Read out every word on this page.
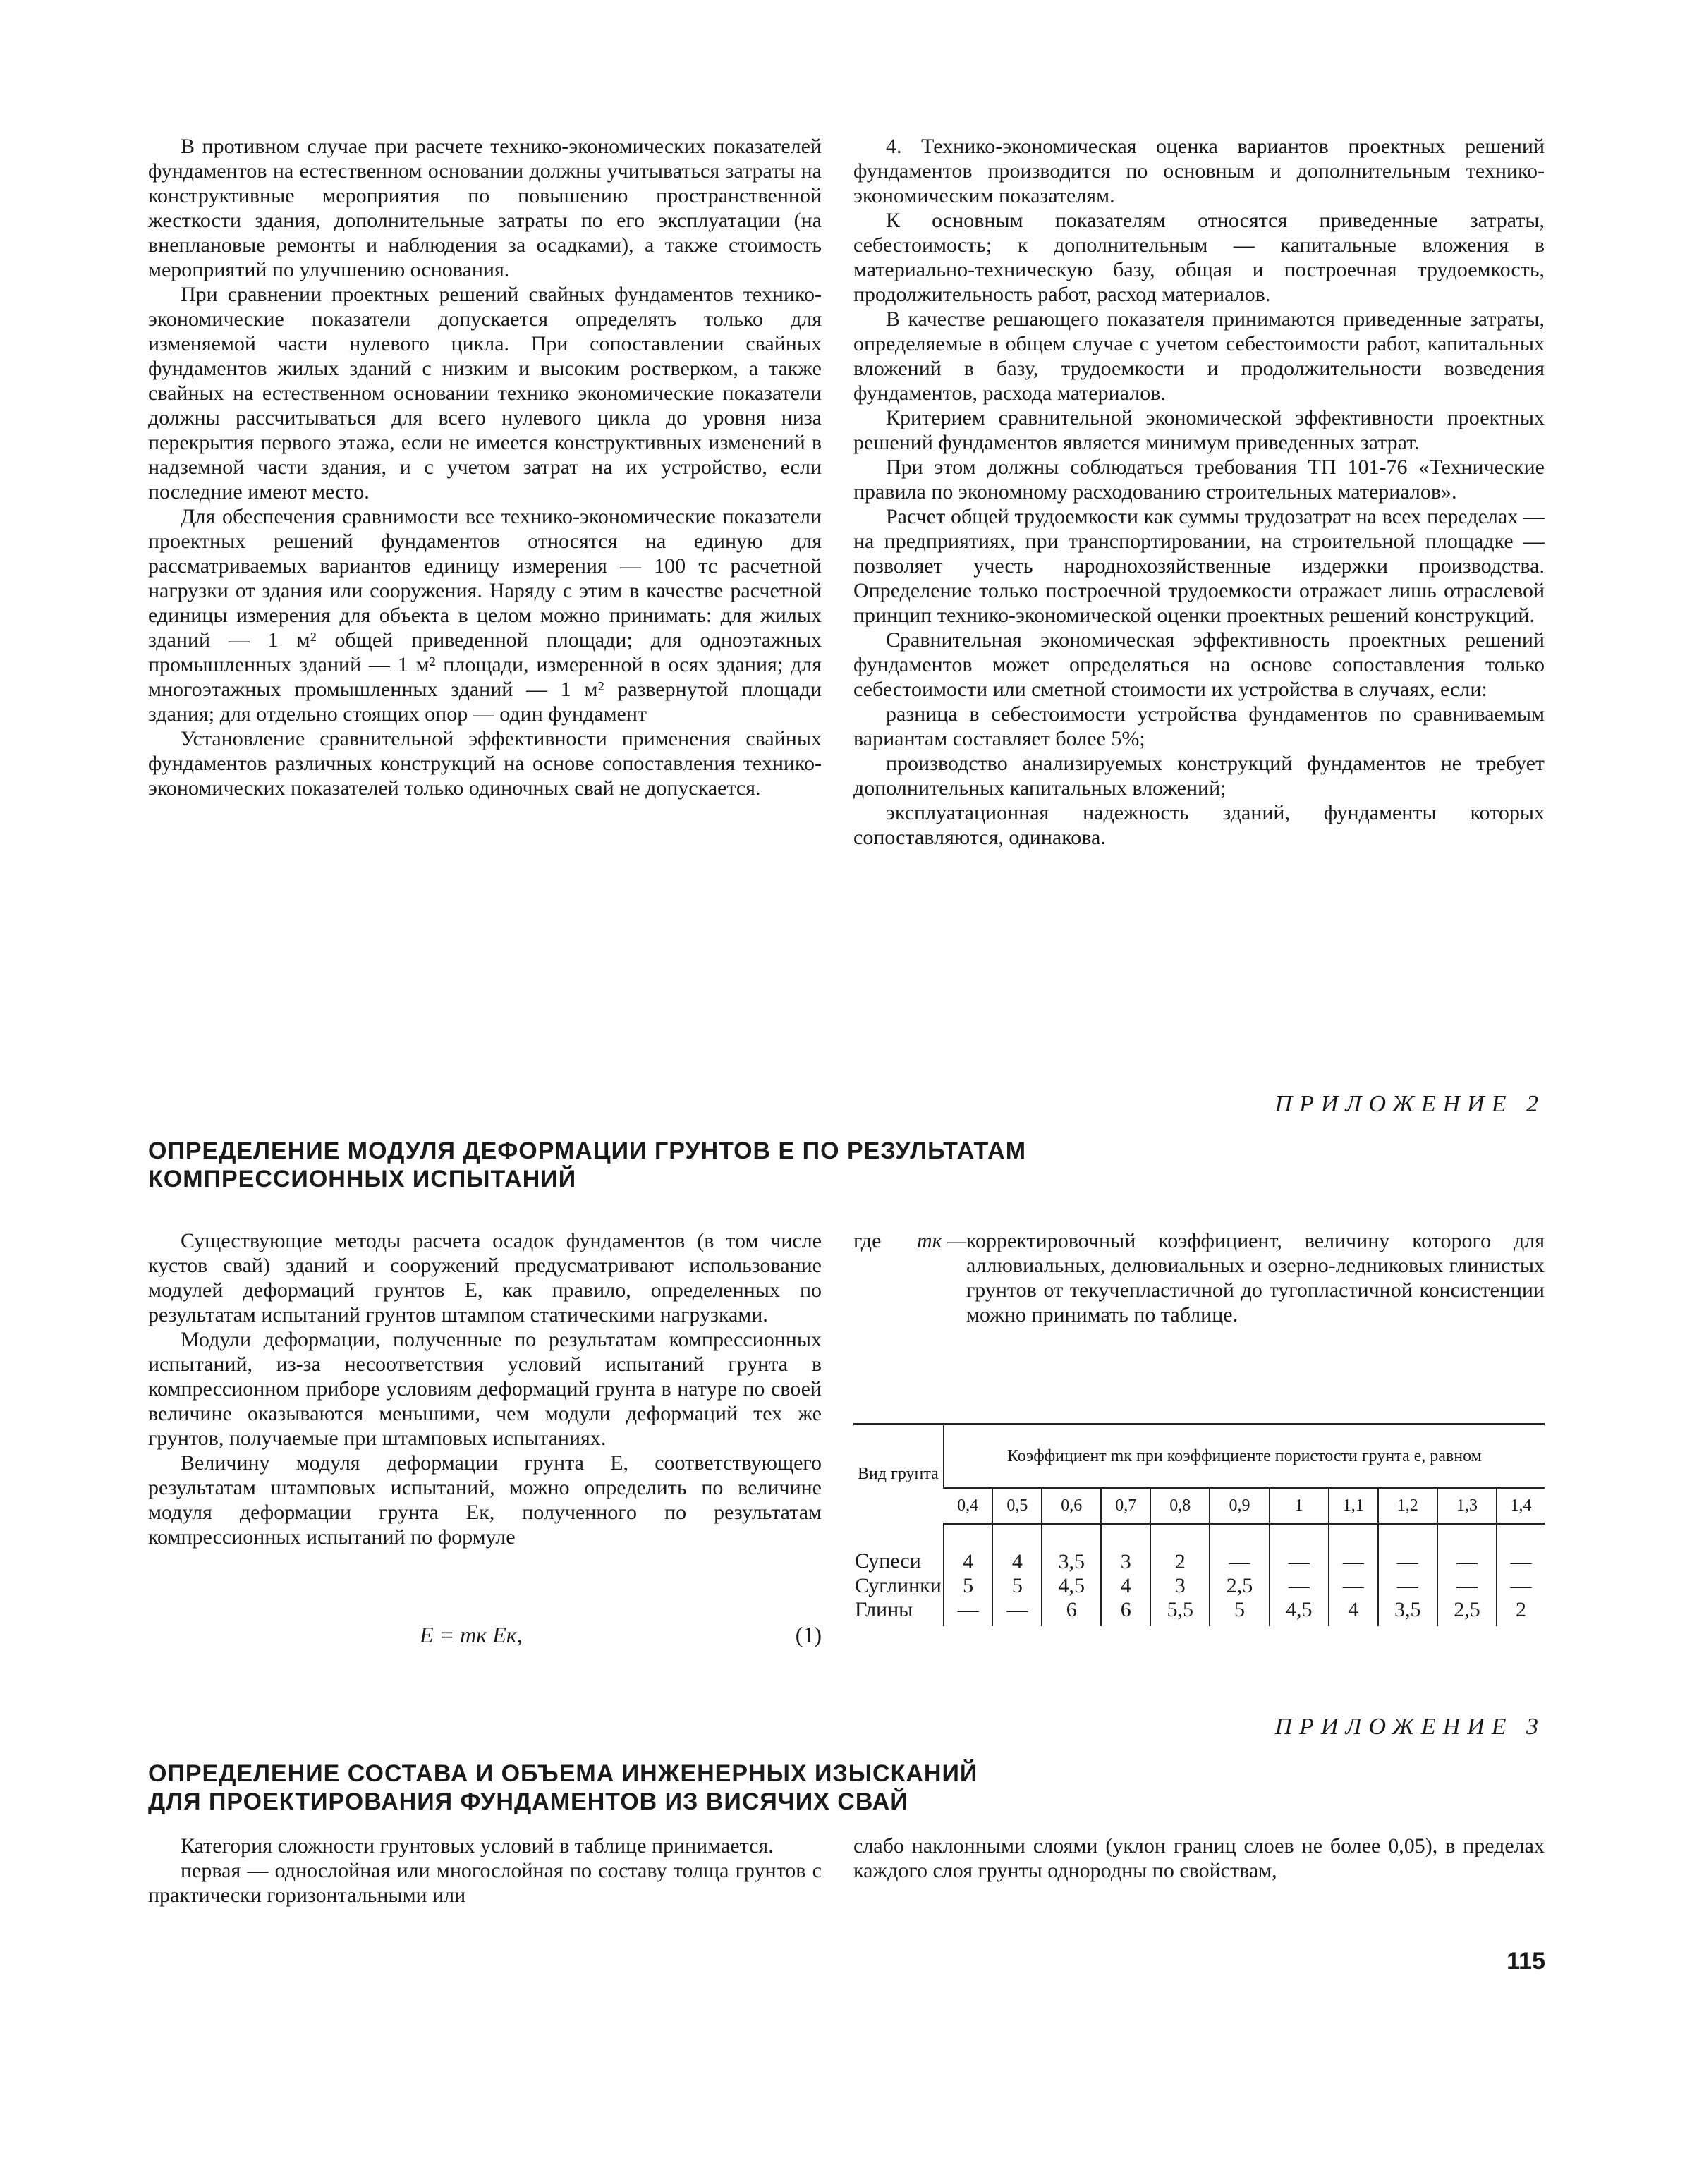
В противном случае при расчете технико-экономических показателей фундаментов на естественном основании должны учитываться затраты на конструктивные мероприятия по повышению пространственной жесткости здания, дополнительные затраты по его эксплуатации (на внеплановые ремонты и наблюдения за осадками), а также стоимость мероприятий по улучшению основания.

При сравнении проектных решений свайных фундаментов технико-экономические показатели допускается определять только для изменяемой части нулевого цикла. При сопоставлении свайных фундаментов жилых зданий с низким и высоким ростверком, а также свайных на естественном основании технико экономические показатели должны рассчитываться для всего нулевого цикла до уровня низа перекрытия первого этажа, если не имеется конструктивных изменений в надземной части здания, и с учетом затрат на их устройство, если последние имеют место.

Для обеспечения сравнимости все технико-экономические показатели проектных решений фундаментов относятся на единую для рассматриваемых вариантов единицу измерения — 100 тс расчетной нагрузки от здания или сооружения. Наряду с этим в качестве расчетной единицы измерения для объекта в целом можно принимать: для жилых зданий — 1 м² общей приведенной площади; для одноэтажных промышленных зданий — 1 м² площади, измеренной в осях здания; для многоэтажных промышленных зданий — 1 м² развернутой площади здания; для отдельно стоящих опор — один фундамент

Установление сравнительной эффективности применения свайных фундаментов различных конструкций на основе сопоставления технико-экономических показателей только одиночных свай не допускается.

4. Технико-экономическая оценка вариантов проектных решений фундаментов производится по основным и дополнительным технико-экономическим показателям.

К основным показателям относятся приведенные затраты, себестоимость; к дополнительным — капитальные вложения в материально-техническую базу, общая и построечная трудоемкость, продолжительность работ, расход материалов.

В качестве решающего показателя принимаются приведенные затраты, определяемые в общем случае с учетом себестоимости работ, капитальных вложений в базу, трудоемкости и продолжительности возведения фундаментов, расхода материалов.

Критерием сравнительной экономической эффективности проектных решений фундаментов является минимум приведенных затрат.

При этом должны соблюдаться требования ТП 101-76 «Технические правила по экономному расходованию строительных материалов».

Расчет общей трудоемкости как суммы трудозатрат на всех переделах — на предприятиях, при транспортировании, на строительной площадке — позволяет учесть народнохозяйственные издержки производства. Определение только построечной трудоемкости отражает лишь отраслевой принцип технико-экономической оценки проектных решений конструкций.

Сравнительная экономическая эффективность проектных решений фундаментов может определяться на основе сопоставления только себестоимости или сметной стоимости их устройства в случаях, если:

разница в себестоимости устройства фундаментов по сравниваемым вариантам составляет более 5%;

производство анализируемых конструкций фундаментов не требует дополнительных капитальных вложений;

эксплуатационная надежность зданий, фундаменты которых сопоставляются, одинакова.

ПРИЛОЖЕНИЕ 2
ОПРЕДЕЛЕНИЕ МОДУЛЯ ДЕФОРМАЦИИ ГРУНТОВ E ПО РЕЗУЛЬТАТАМ
КОМПРЕССИОННЫХ ИСПЫТАНИЙ

Существующие методы расчета осадок фундаментов (в том числе кустов свай) зданий и сооружений предусматривают использование модулей деформаций грунтов E, как правило, определенных по результатам испытаний грунтов штампом статическими нагрузками.

Модули деформации, полученные по результатам компрессионных испытаний, из-за несоответствия условий испытаний грунта в компрессионном приборе условиям деформаций грунта в натуре по своей величине оказываются меньшими, чем модули деформаций тех же грунтов, получаемые при штамповых испытаниях.

Величину модуля деформации грунта E, соответствующего результатам штамповых испытаний, можно определить по величине модуля деформации грунта Eк, полученного по результатам компрессионных испытаний по формуле

E = mк Eк,	(1)
где mк — корректировочный коэффициент, величину которого для аллювиальных, делювиальных и озерно-ледниковых глинистых грунтов от текучепластичной до тугопластичной консистенции можно принимать по таблице.
Вид грунта	Коэффициент mк при коэффициенте пористости грунта e, равном										
	0,4	0,5	0,6	0,7	0,8	0,9	1	1,1	1,2	1,3	1,4
Супеси	4	4	3,5	3	2	—	—	—	—	—	—
Суглинки	5	5	4,5	4	3	2,5	—	—	—	—	—
Глины	—	—	6	6	5,5	5	4,5	4	3,5	2,5	2
ПРИЛОЖЕНИЕ 3
ОПРЕДЕЛЕНИЕ СОСТАВА И ОБЪЕМА ИНЖЕНЕРНЫХ ИЗЫСКАНИЙ
ДЛЯ ПРОЕКТИРОВАНИЯ ФУНДАМЕНТОВ ИЗ ВИСЯЧИХ СВАЙ

Категория сложности грунтовых условий в таблице принимается.

первая — однослойная или многослойная по составу толща грунтов с практически горизонтальными или

слабо наклонными слоями (уклон границ слоев не более 0,05), в пределах каждого слоя грунты однородны по свойствам,

115
